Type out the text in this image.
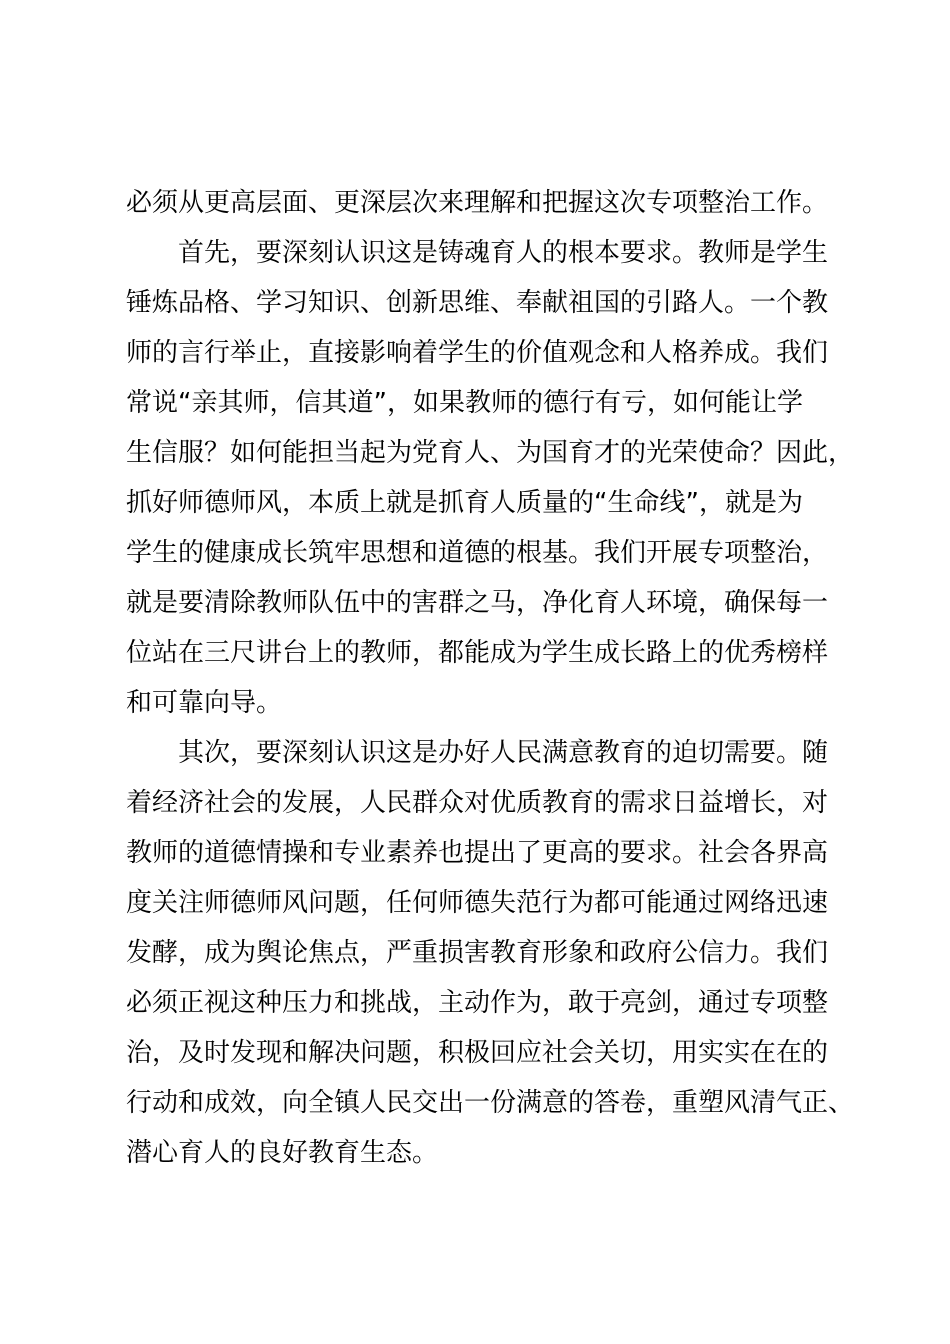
必须从更高层面、更深层次来理解和把握这次专项整治工作。
　　首先，要深刻认识这是铸魂育人的根本要求。教师是学生
锤炼品格、学习知识、创新思维、奉献祖国的引路人。一个教
师的言行举止，直接影响着学生的价值观念和人格养成。我们
常说“亲其师，信其道”，如果教师的德行有亏，如何能让学
生信服？如何能担当起为党育人、为国育才的光荣使命？因此，
抓好师德师风，本质上就是抓育人质量的“生命线”，就是为
学生的健康成长筑牢思想和道德的根基。我们开展专项整治，
就是要清除教师队伍中的害群之马，净化育人环境，确保每一
位站在三尺讲台上的教师，都能成为学生成长路上的优秀榜样
和可靠向导。
　　其次，要深刻认识这是办好人民满意教育的迫切需要。随
着经济社会的发展，人民群众对优质教育的需求日益增长，对
教师的道德情操和专业素养也提出了更高的要求。社会各界高
度关注师德师风问题，任何师德失范行为都可能通过网络迅速
发酵，成为舆论焦点，严重损害教育形象和政府公信力。我们
必须正视这种压力和挑战，主动作为，敢于亮剑，通过专项整
治，及时发现和解决问题，积极回应社会关切，用实实在在的
行动和成效，向全镇人民交出一份满意的答卷，重塑风清气正、
潜心育人的良好教育生态。
